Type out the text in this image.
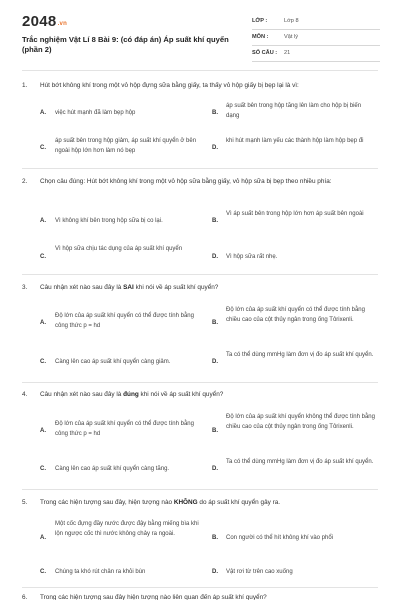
2048.vn
Trắc nghiệm Vật Lí 8 Bài 9: (có đáp án) Áp suất khí quyển (phần 2)
LỚP :	Lớp 8
MÔN :	Vật lý
SỐ CÂU : 21
1. Hút bớt không khí trong một vỏ hộp đựng sữa bằng giấy, ta thấy vỏ hộp giấy bị bẹp lại là vì:
A. việc hút mạnh đã làm bẹp hộp	B.
áp suất bên trong hộp tăng lên làm cho hộp bị biến dạng
C.
áp suất bên trong hộp giảm, áp suất khí quyển ở bên ngoài hộp lớn hơn làm nó bẹp	D.
khi hút mạnh làm yếu các thành hộp làm hộp bẹp đi
2. Chọn câu đúng: Hút bớt không khí trong một vỏ hộp sữa bằng giấy, vỏ hộp sữa bị bẹp theo nhiều phía:
A. Vì không khí bên trong hộp sữa bị co lại.	B.
Vì áp suất bên trong hộp lớn hơn áp suất bên ngoài
C.
Vì hộp sữa chịu tác dụng của áp suất khí quyển
D. Vì hộp sữa rất nhẹ.
3. Câu nhận xét nào sau đây là SAI khi nói về áp suất khí quyển?
A.
Độ lớn của áp suất khí quyển có thể được tính bằng công thức p = hd	B.
Độ lớn của áp suất khí quyển có thể được tính bằng chiều cao của cột thủy ngân trong ống Tôrixenli.
C. Càng lên cao áp suất khí quyển càng giảm.	D.
Ta có thể dùng mmHg làm đơn vị đo áp suất khí quyển.
4. Câu nhận xét nào sau đây là đúng khi nói về áp suất khí quyển?
A.
Độ lớn của áp suất khí quyển có thể được tính bằng công thức p = hd	B.
Độ lớn của áp suất khí quyển không thể được tính bằng chiều cao của cột thủy ngân trong ống Tôrixenli.
C. Càng lên cao áp suất khí quyển càng tăng.	D.
Ta có thể dùng mmHg làm đơn vị đo áp suất khí quyển.
5. Trong các hiện tượng sau đây, hiện tượng nào KHÔNG do áp suất khí quyển gây ra.
A.
Một cốc đựng đầy nước được đậy bằng miếng bìa khi lộn ngược cốc thì nước không chảy ra ngoài.
B. Con người có thể hít không khí vào phổi
C. Chúng ta khó rút chân ra khỏi bùn	D. Vật rơi từ trên cao xuống
6. Trong các hiện tượng sau đây hiện tượng nào liên quan đến áp suất khí quyển?
